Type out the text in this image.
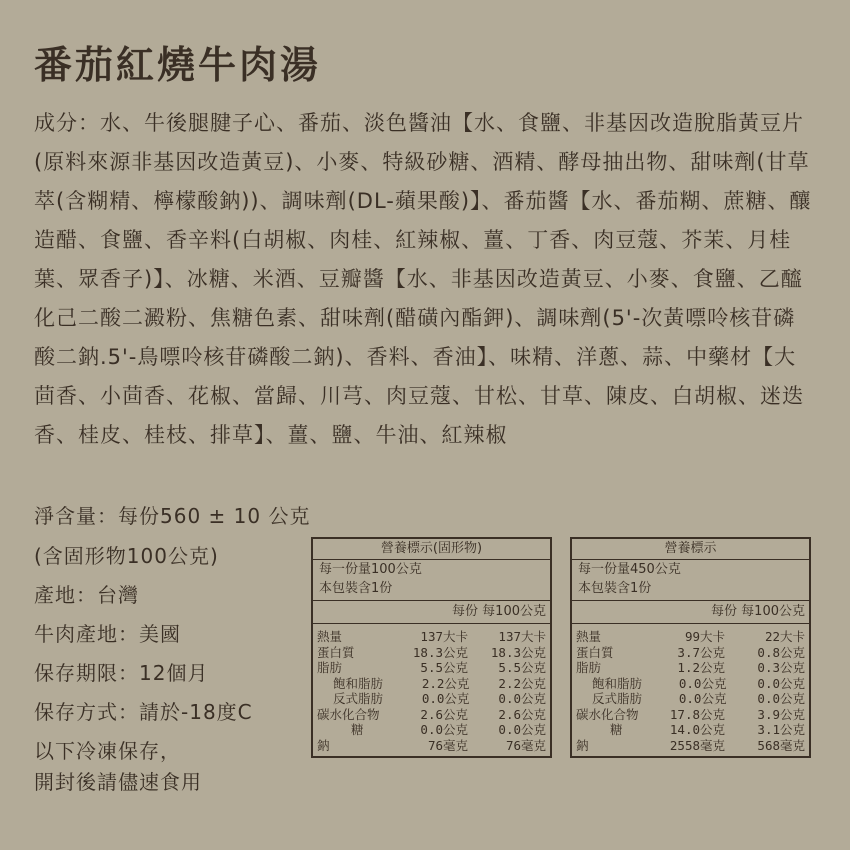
番茄紅燒牛肉湯

成分：水、牛後腿腱子心、番茄、淡色醬油【水、食鹽、非基因改造脫脂黃豆片(原料來源非基因改造黃豆)、小麥、特級砂糖、酒精、酵母抽出物、甜味劑(甘草萃(含糊精、檸檬酸鈉))、調味劑(DL-蘋果酸)】、番茄醬【水、番茄糊、蔗糖、釀造醋、食鹽、香辛料(白胡椒、肉桂、紅辣椒、薑、丁香、肉豆蔻、芥茉、月桂葉、眾香子)】、冰糖、米酒、豆瓣醬【水、非基因改造黃豆、小麥、食鹽、乙醯化己二酸二澱粉、焦糖色素、甜味劑(醋磺內酯鉀)、調味劑(5'-次黃嘌呤核苷磷酸二鈉.5'-鳥嘌呤核苷磷酸二鈉)、香料、香油】、味精、洋蔥、蒜、中藥材【大茴香、小茴香、花椒、當歸、川芎、肉豆蔻、甘松、甘草、陳皮、白胡椒、迷迭香、桂皮、桂枝、排草】、薑、鹽、牛油、紅辣椒

淨含量：每份560 ± 10 公克
(含固形物100公克)
產地：台灣
牛肉產地：美國
保存期限：12個月
保存方式：請於-18度C
以下冷凍保存，
開封後請儘速食用
營養標示(固形物)
每一份量100公克
本包裝含1份
每份 每100公克
熱量	137大卡	137大卡
蛋白質	18.3公克	18.3公克
脂肪	5.5公克	5.5公克
飽和脂肪	2.2公克	2.2公克
反式脂肪	0.0公克	0.0公克
碳水化合物	2.6公克	2.6公克
糖	0.0公克	0.0公克
鈉	76毫克	76毫克
營養標示
每一份量450公克
本包裝含1份
每份 每100公克
熱量	99大卡	22大卡
蛋白質	3.7公克	0.8公克
脂肪	1.2公克	0.3公克
飽和脂肪	0.0公克	0.0公克
反式脂肪	0.0公克	0.0公克
碳水化合物	17.8公克	3.9公克
糖	14.0公克	3.1公克
鈉	2558毫克	568毫克
